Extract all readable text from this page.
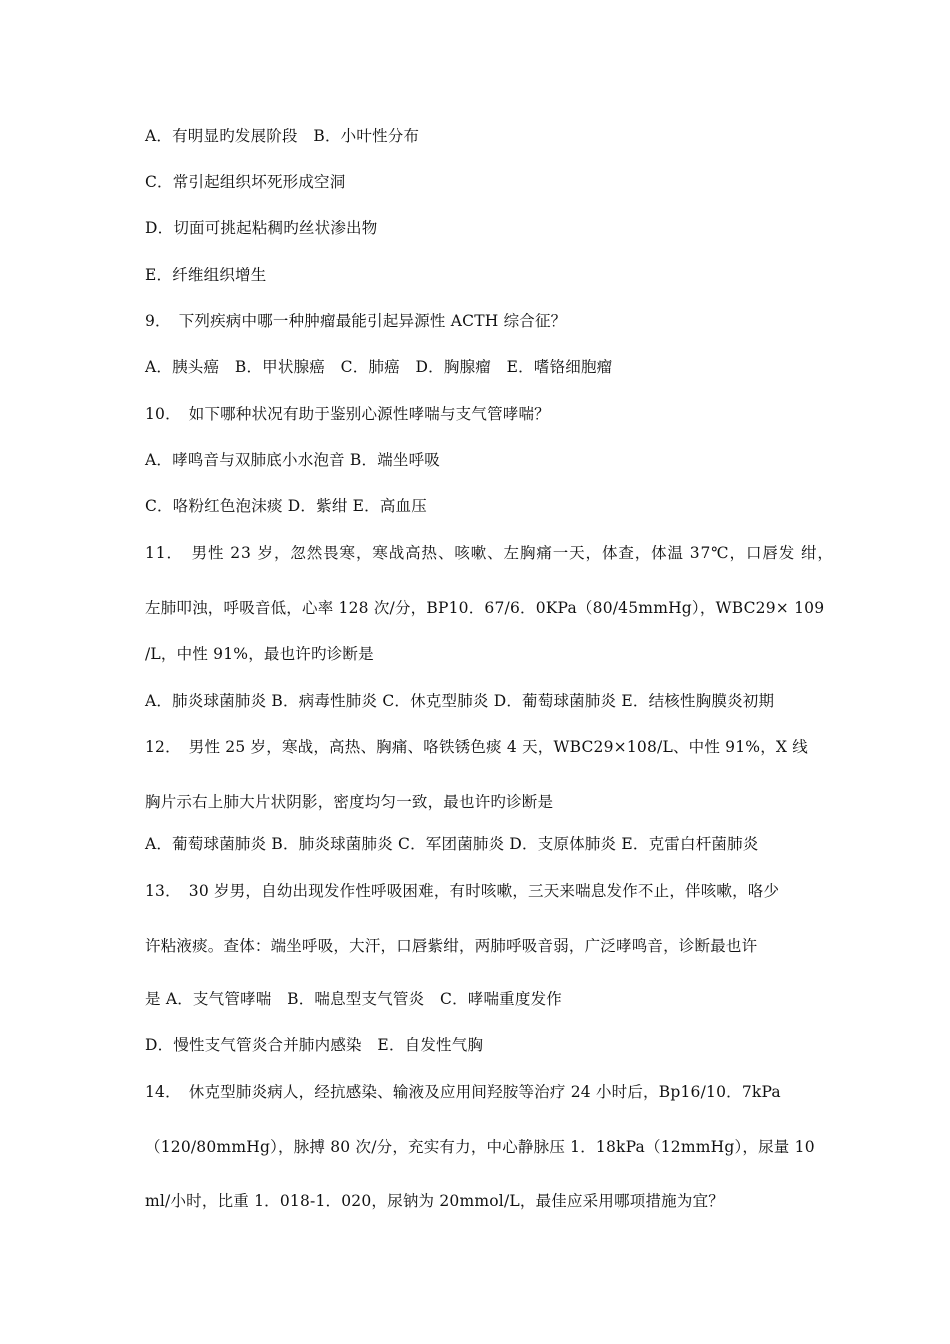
A．有明显旳发展阶段　B．小叶性分布
C．常引起组织坏死形成空洞
D．切面可挑起粘稠旳丝状渗出物
E．纤维组织增生
9．　下列疾病中哪一种肿瘤最能引起异源性 ACTH 综合征？
A．胰头癌　B．甲状腺癌　C．肺癌　D．胸腺瘤　E．嗜铬细胞瘤
10．　如下哪种状况有助于鉴别心源性哮喘与支气管哮喘？
A．哮鸣音与双肺底小水泡音 B．端坐呼吸
C．咯粉红色泡沫痰 D．紫绀 E．高血压
11．　男性 23 岁，忽然畏寒，寒战高热、咳嗽、左胸痛一天，体查，体温 37℃，口唇发 绀，
左肺叩浊，呼吸音低，心率 128 次/分，BP10．67/6．0KPa（80/45mmHg），WBC29× 109
/L，中性 91%，最也许旳诊断是
A．肺炎球菌肺炎 B．病毒性肺炎 C．休克型肺炎 D．葡萄球菌肺炎 E．结核性胸膜炎初期
12．　男性 25 岁，寒战，高热、胸痛、咯铁锈色痰 4 天，WBC29×108/L、中性 91%，X 线
胸片示右上肺大片状阴影，密度均匀一致，最也许旳诊断是
A．葡萄球菌肺炎 B．肺炎球菌肺炎 C．军团菌肺炎 D．支原体肺炎 E．克雷白杆菌肺炎
13．　30 岁男，自幼出现发作性呼吸困难，有时咳嗽，三天来喘息发作不止，伴咳嗽，咯少
许粘液痰。查体：端坐呼吸，大汗，口唇紫绀，两肺呼吸音弱，广泛哮鸣音，诊断最也许
是 A．支气管哮喘　B．喘息型支气管炎　C．哮喘重度发作
D．慢性支气管炎合并肺内感染　E．自发性气胸
14．　休克型肺炎病人，经抗感染、输液及应用间羟胺等治疗 24 小时后，Bp16/10．7kPa
（120/80mmHg），脉搏 80 次/分，充实有力，中心静脉压 1．18kPa（12mmHg），尿量 10
ml/小时，比重 1．018-1．020，尿钠为 20mmol/L，最佳应采用哪项措施为宜？
